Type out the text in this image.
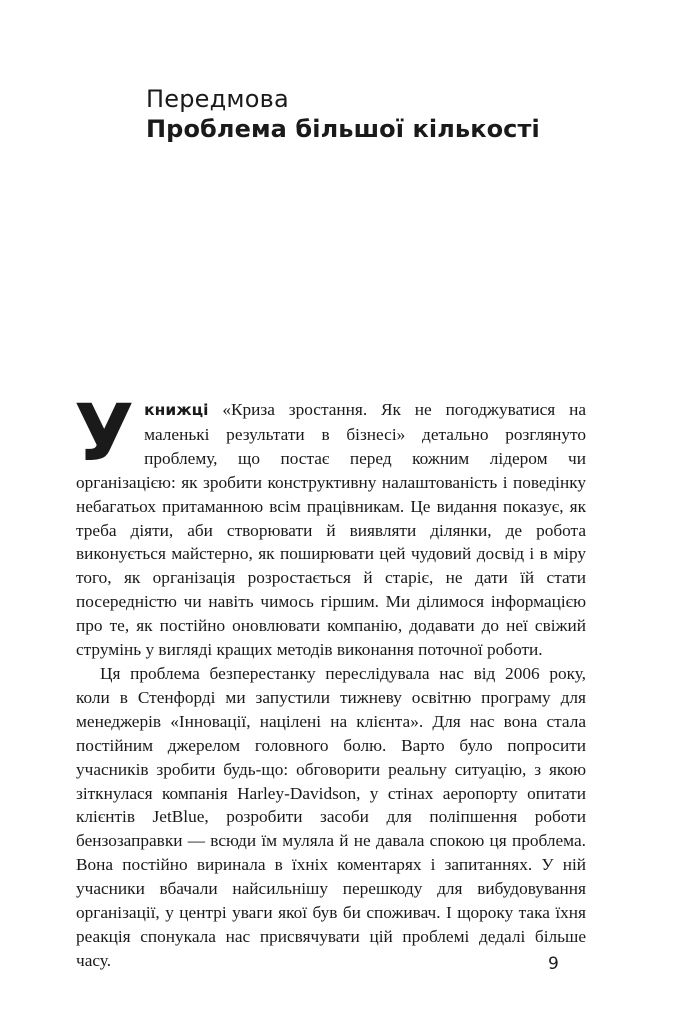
Передмова
Проблема більшої кількості

Укнижці «Криза зростання. Як не погоджуватися на маленькі результати в бізнесі» детально розглянуто проблему, що постає перед кожним лідером чи організацією: як зробити конструктивну налаштованість і поведінку небагатьох притаманною всім працівникам. Це видання показує, як треба діяти, аби створювати й виявляти ділянки, де робота виконується майстерно, як поширювати цей чудовий досвід і в міру того, як організація розростається й старіє, не дати їй стати посередністю чи навіть чимось гіршим. Ми ділимося інформацією про те, як постійно оновлювати компанію, додавати до неї свіжий струмінь у вигляді кращих методів виконання поточної роботи.

Ця проблема безперестанку переслідувала нас від 2006 року, коли в Стенфорді ми запустили тижневу освітню програму для менеджерів «Інновації, націлені на клієнта». Для нас вона стала постійним джерелом головного болю. Варто було попросити учасників зробити будь-що: обговорити реальну ситуацію, з якою зіткнулася компанія Harley-Davidson, у стінах аеропорту опитати клієнтів JetBlue, розробити засоби для поліпшення роботи бензозаправки — всюди їм муляла й не давала спокою ця проблема. Вона постійно виринала в їхніх коментарях і запитаннях. У ній учасники вбачали найсильнішу перешкоду для вибудовування організації, у центрі уваги якої був би споживач. І щороку така їхня реакція спонукала нас присвячувати цій проблемі дедалі більше часу.	9
